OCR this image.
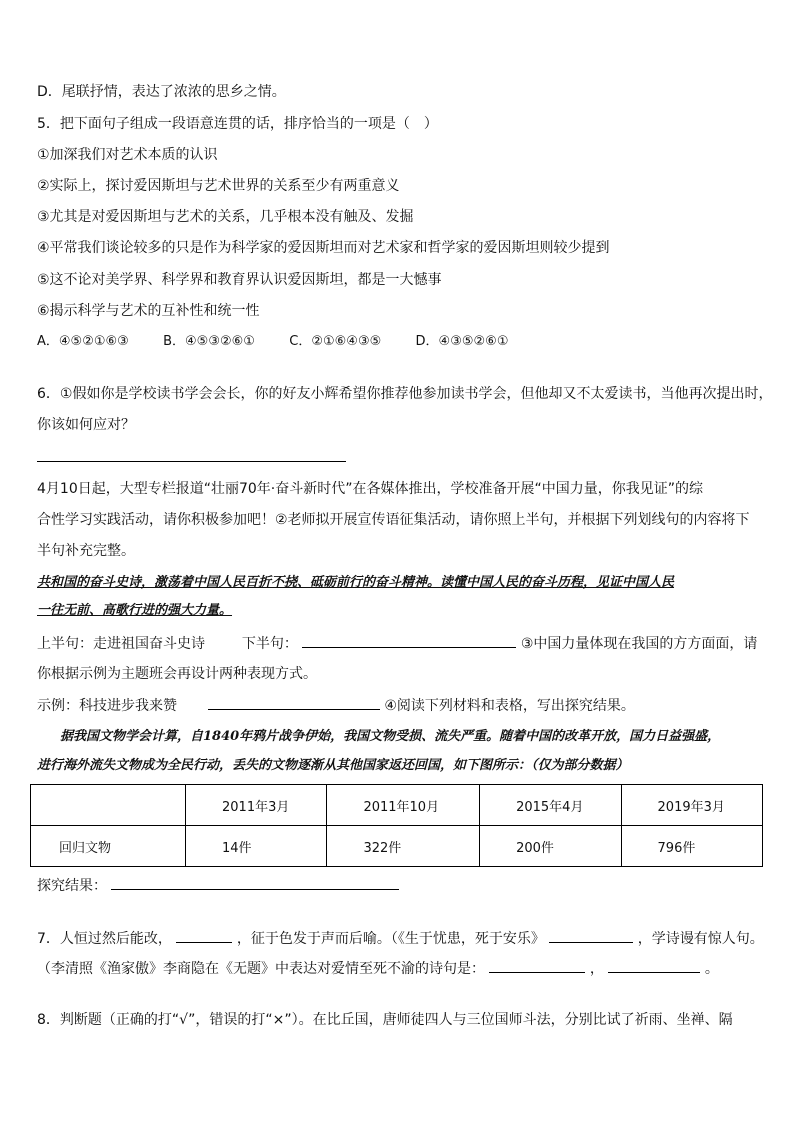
D．尾联抒情，表达了浓浓的思乡之情。
5．把下面句子组成一段语意连贯的话，排序恰当的一项是（　）
①加深我们对艺术本质的认识
②实际上，探讨爱因斯坦与艺术世界的关系至少有两重意义
③尤其是对爱因斯坦与艺术的关系，几乎根本没有触及、发掘
④平常我们谈论较多的只是作为科学家的爱因斯坦而对艺术家和哲学家的爱因斯坦则较少提到
⑤这不论对美学界、科学界和教育界认识爱因斯坦，都是一大憾事
⑥揭示科学与艺术的互补性和统一性
A．④⑤②①⑥③	B．④⑤③②⑥①	C．②①⑥④③⑤	D．④③⑤②⑥①
6．①假如你是学校读书学会会长，你的好友小辉希望你推荐他参加读书学会，但他却又不太爱读书，当他再次提出时，
你该如何应对？
4月10日起，大型专栏报道“壮丽70年·奋斗新时代”在各媒体推出，学校准备开展“中国力量，你我见证”的综
合性学习实践活动，请你积极参加吧！②老师拟开展宣传语征集活动，请你照上半句，并根据下列划线句的内容将下
半句补充完整。
共和国的奋斗史诗，激荡着中国人民百折不挠、砥砺前行的奋斗精神。读懂中国人民的奋斗历程，见证中国人民
一往无前、高歌行进的强大力量。
上半句：走进祖国奋斗史诗	下半句：	③中国力量体现在我国的方方面面，请
你根据示例为主题班会再设计两种表现方式。
示例：科技进步我来赞	④阅读下列材料和表格，写出探究结果。
据我国文物学会计算，自1840年鸦片战争伊始，我国文物受损、流失严重。随着中国的改革开放，国力日益强盛，
进行海外流失文物成为全民行动，丢失的文物逐渐从其他国家返还回国，如下图所示：（仅为部分数据）
	2011年3月	2011年10月	2015年4月	2019年3月
回归文物	14件	322件	200件	796件
探究结果：
7．人恒过然后能改，	，征于色发于声而后喻。（《生于忧患，死于安乐》	，学诗谩有惊人句。
（李清照《渔家傲》李商隐在《无题》中表达对爱情至死不渝的诗句是：	，	。
8．判断题（正确的打“√”，错误的打“×”）。在比丘国，唐师徒四人与三位国师斗法，分别比试了祈雨、坐禅、隔
